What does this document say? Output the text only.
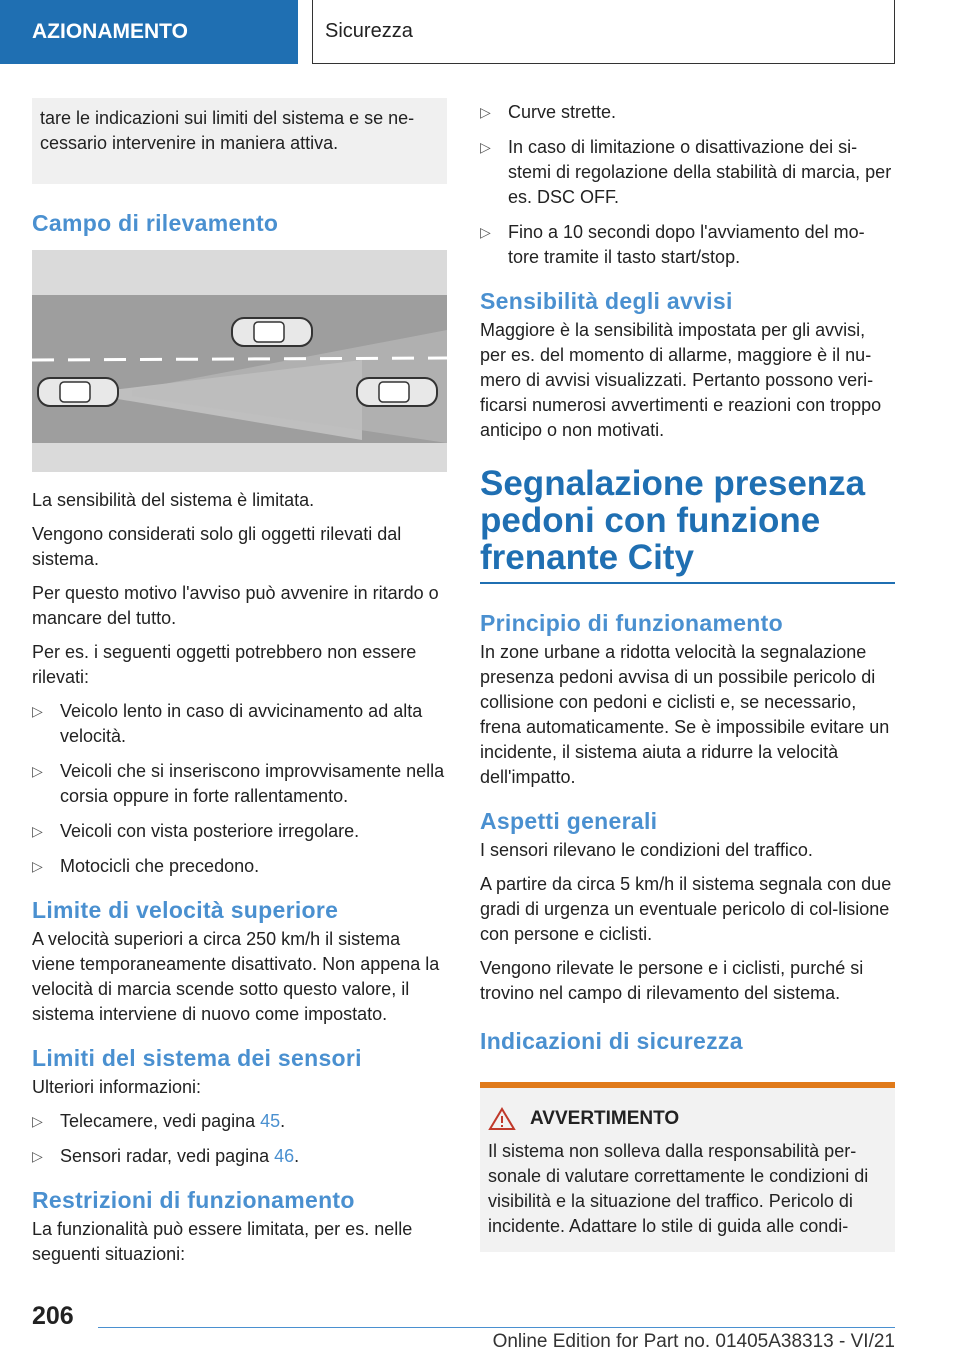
AZIONAMENTO	Sicurezza
tare le indicazioni sui limiti del sistema e se ne-cessario intervenire in maniera attiva.
Campo di rilevamento

La sensibilità del sistema è limitata.

Vengono considerati solo gli oggetti rilevati dal sistema.

Per questo motivo l'avviso può avvenire in ritardo o mancare del tutto.

Per es. i seguenti oggetti potrebbero non essere rilevati:

▷ Veicolo lento in caso di avvicinamento ad alta velocità.
▷ Veicoli che si inseriscono improvvisamente nella corsia oppure in forte rallentamento.
▷ Veicoli con vista posteriore irregolare.
▷ Motocicli che precedono.
Limite di velocità superiore

A velocità superiori a circa 250 km/h il sistema viene temporaneamente disattivato. Non appena la velocità di marcia scende sotto questo valore, il sistema interviene di nuovo come impostato.

Limiti del sistema dei sensori

Ulteriori informazioni:

▷ Telecamere, vedi pagina 45.
▷ Sensori radar, vedi pagina 46.
Restrizioni di funzionamento

La funzionalità può essere limitata, per es. nelle seguenti situazioni:

▷ Curve strette.
▷ In caso di limitazione o disattivazione dei si-stemi di regolazione della stabilità di marcia, per es. DSC OFF.
▷ Fino a 10 secondi dopo l'avviamento del mo-tore tramite il tasto start/stop.
Sensibilità degli avvisi

Maggiore è la sensibilità impostata per gli avvisi, per es. del momento di allarme, maggiore è il nu-mero di avvisi visualizzati. Pertanto possono veri-ficarsi numerosi avvertimenti e reazioni con troppo anticipo o non motivati.

Segnalazione presenza pedoni con funzione frenante City
Principio di funzionamento

In zone urbane a ridotta velocità la segnalazione presenza pedoni avvisa di un possibile pericolo di collisione con pedoni e ciclisti e, se necessario, frena automaticamente. Se è impossibile evitare un incidente, il sistema aiuta a ridurre la velocità dell'impatto.

Aspetti generali

I sensori rilevano le condizioni del traffico.

A partire da circa 5 km/h il sistema segnala con due gradi di urgenza un eventuale pericolo di col-lisione con persone e ciclisti.

Vengono rilevate le persone e i ciclisti, purché si trovino nel campo di rilevamento del sistema.

Indicazioni di sicurezza
AVVERTIMENTO

Il sistema non solleva dalla responsabilità per-sonale di valutare correttamente le condizioni di visibilità e la situazione del traffico. Pericolo di incidente. Adattare lo stile di guida alle condi-

206
Online Edition for Part no. 01405A38313 - VI/21
